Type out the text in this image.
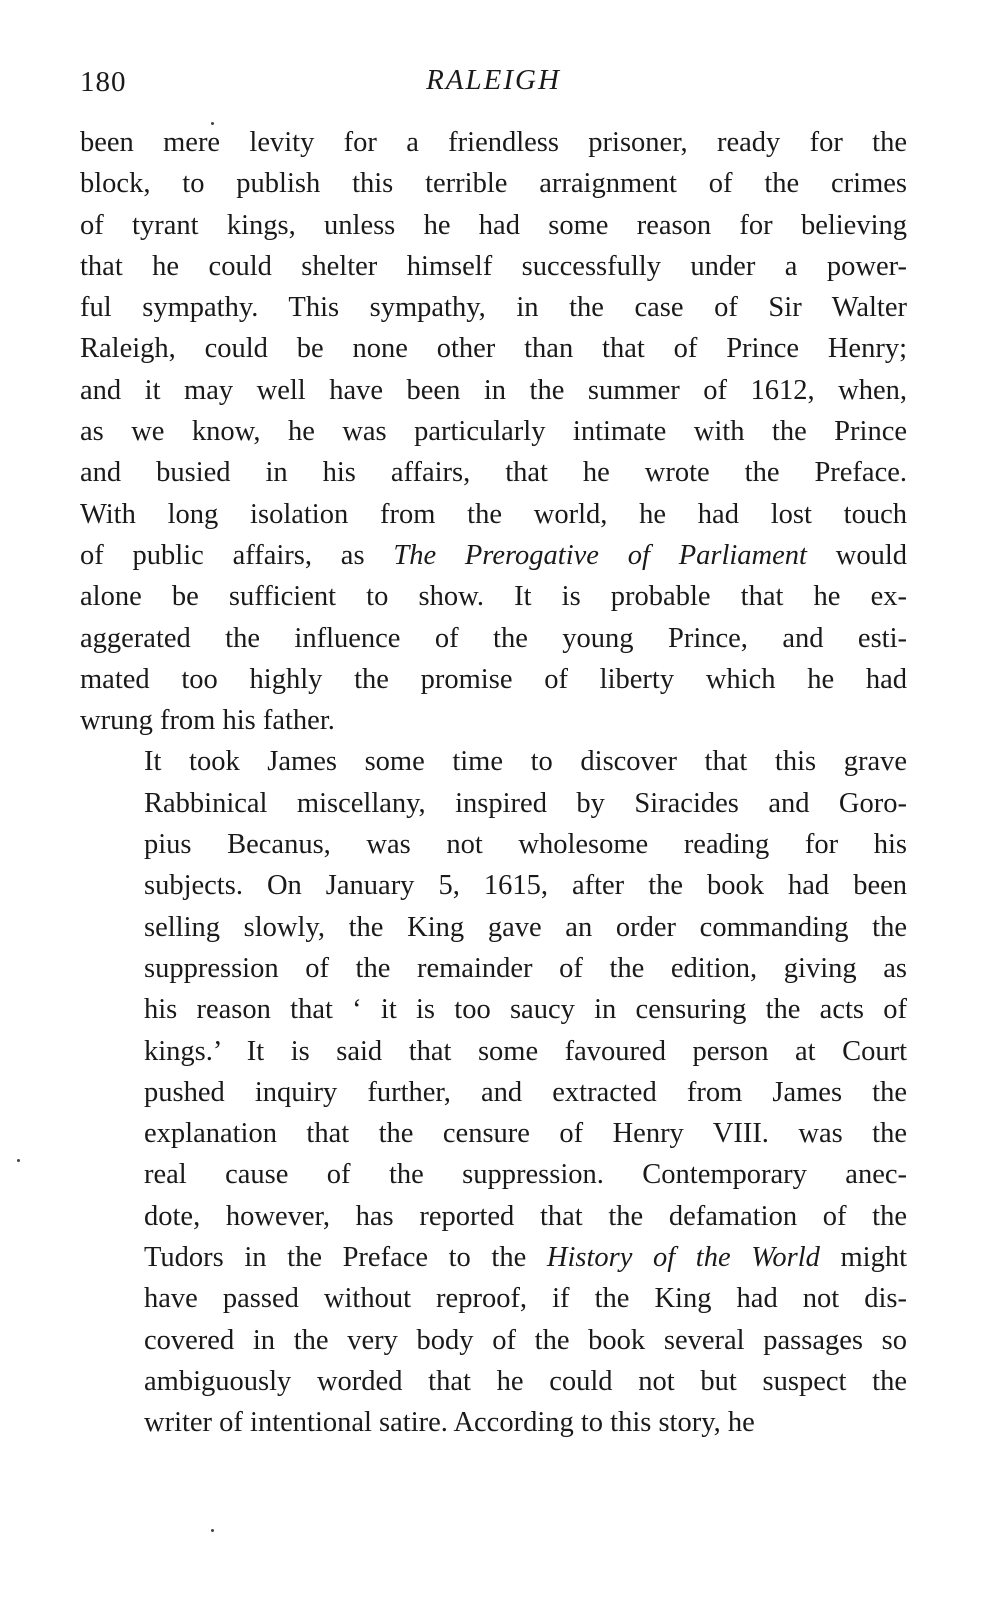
180	RALEIGH

been mere levity for a friendless prisoner, ready for the
block, to publish this terrible arraignment of the crimes
of tyrant kings, unless he had some reason for believing
that he could shelter himself successfully under a power-
ful sympathy. This sympathy, in the case of Sir Walter
Raleigh, could be none other than that of Prince Henry;
and it may well have been in the summer of 1612, when,
as we know, he was particularly intimate with the Prince
and busied in his affairs, that he wrote the Preface.
With long isolation from the world, he had lost touch
of public affairs, as The Prerogative of Parliament would
alone be sufficient to show. It is probable that he ex-
aggerated the influence of the young Prince, and esti-
mated too highly the promise of liberty which he had
wrung from his father.

It took James some time to discover that this grave
Rabbinical miscellany, inspired by Siracides and Goro-
pius Becanus, was not wholesome reading for his
subjects. On January 5, 1615, after the book had been
selling slowly, the King gave an order commanding the
suppression of the remainder of the edition, giving as
his reason that ‘ it is too saucy in censuring the acts of
kings.’ It is said that some favoured person at Court
pushed inquiry further, and extracted from James the
explanation that the censure of Henry VIII. was the
real cause of the suppression. Contemporary anec-
dote, however, has reported that the defamation of the
Tudors in the Preface to the History of the World might
have passed without reproof, if the King had not dis-
covered in the very body of the book several passages so
ambiguously worded that he could not but suspect the
writer of intentional satire. According to this story, he
